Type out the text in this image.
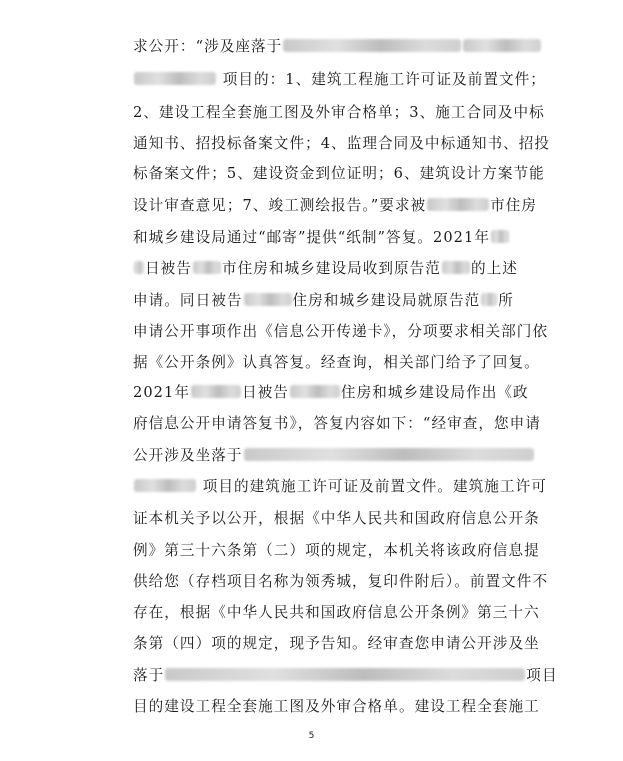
求公开：“涉及座落于
项目的：1、建筑工程施工许可证及前置文件；
2、建设工程全套施工图及外审合格单；3、施工合同及中标
通知书、招投标备案文件；4、监理合同及中标通知书、招投
标备案文件；5、建设资金到位证明；6、建筑设计方案节能
设计审查意见；7、竣工测绘报告。”要求被	市住房
和城乡建设局通过“邮寄”提供“纸制”答复。2021年
日被告 市住房和城乡建设局收到原告范 的上述
申请。同日被告	住房和城乡建设局就原告范 所
申请公开事项作出《信息公开传递卡》，分项要求相关部门依
据《公开条例》认真答复。经查询，相关部门给予了回复。
2021年	日被告	住房和城乡建设局作出《政
府信息公开申请答复书》，答复内容如下：“经审查，您申请
公开涉及坐落于
项目的建筑施工许可证及前置文件。建筑施工许可
证本机关予以公开，根据《中华人民共和国政府信息公开条
例》第三十六条第（二）项的规定，本机关将该政府信息提
供给您（存档项目名称为领秀城，复印件附后）。前置文件不
存在，根据《中华人民共和国政府信息公开条例》第三十六
条第（四）项的规定，现予告知。经审查您申请公开涉及坐
落于	项目
目的建设工程全套施工图及外审合格单。建设工程全套施工
5
